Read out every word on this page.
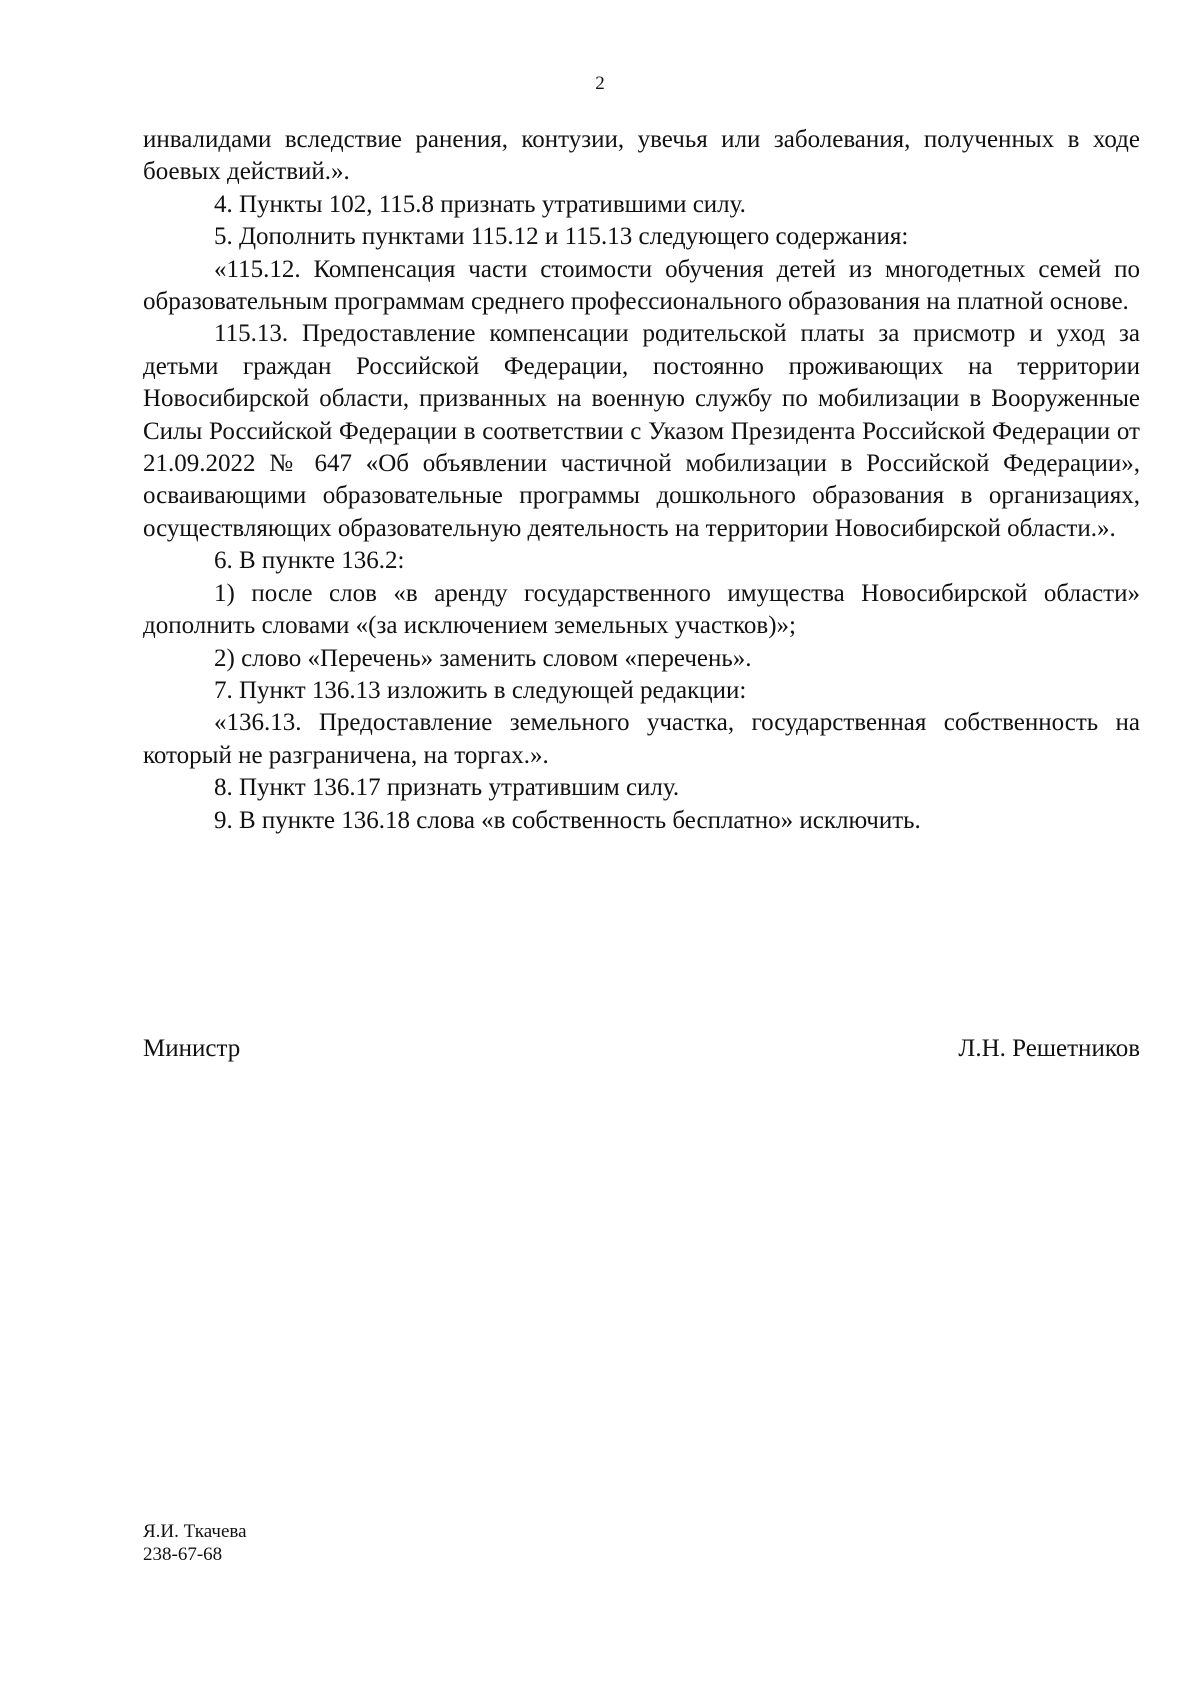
2

инвалидами вследствие ранения, контузии, увечья или заболевания, полученных в ходе боевых действий.».

4. Пункты 102, 115.8 признать утратившими силу.

5. Дополнить пунктами 115.12 и 115.13 следующего содержания:

«115.12. Компенсация части стоимости обучения детей из многодетных семей по образовательным программам среднего профессионального образования на платной основе.

115.13. Предоставление компенсации родительской платы за присмотр и уход за детьми граждан Российской Федерации, постоянно проживающих на территории Новосибирской области, призванных на военную службу по мобилизации в Вооруженные Силы Российской Федерации в соответствии с Указом Президента Российской Федерации от 21.09.2022 № 647 «Об объявлении частичной мобилизации в Российской Федерации», осваивающими образовательные программы дошкольного образования в организациях, осуществляющих образовательную деятельность на территории Новосибирской области.».

6. В пункте 136.2:

1) после слов «в аренду государственного имущества Новосибирской области» дополнить словами «(за исключением земельных участков)»;

2) слово «Перечень» заменить словом «перечень».

7. Пункт 136.13 изложить в следующей редакции:

«136.13. Предоставление земельного участка, государственная собственность на который не разграничена, на торгах.».

8. Пункт 136.17 признать утратившим силу.

9. В пункте 136.18 слова «в собственность бесплатно» исключить.

Министр	Л.Н. Решетников
Я.И. Ткачева
238-67-68
